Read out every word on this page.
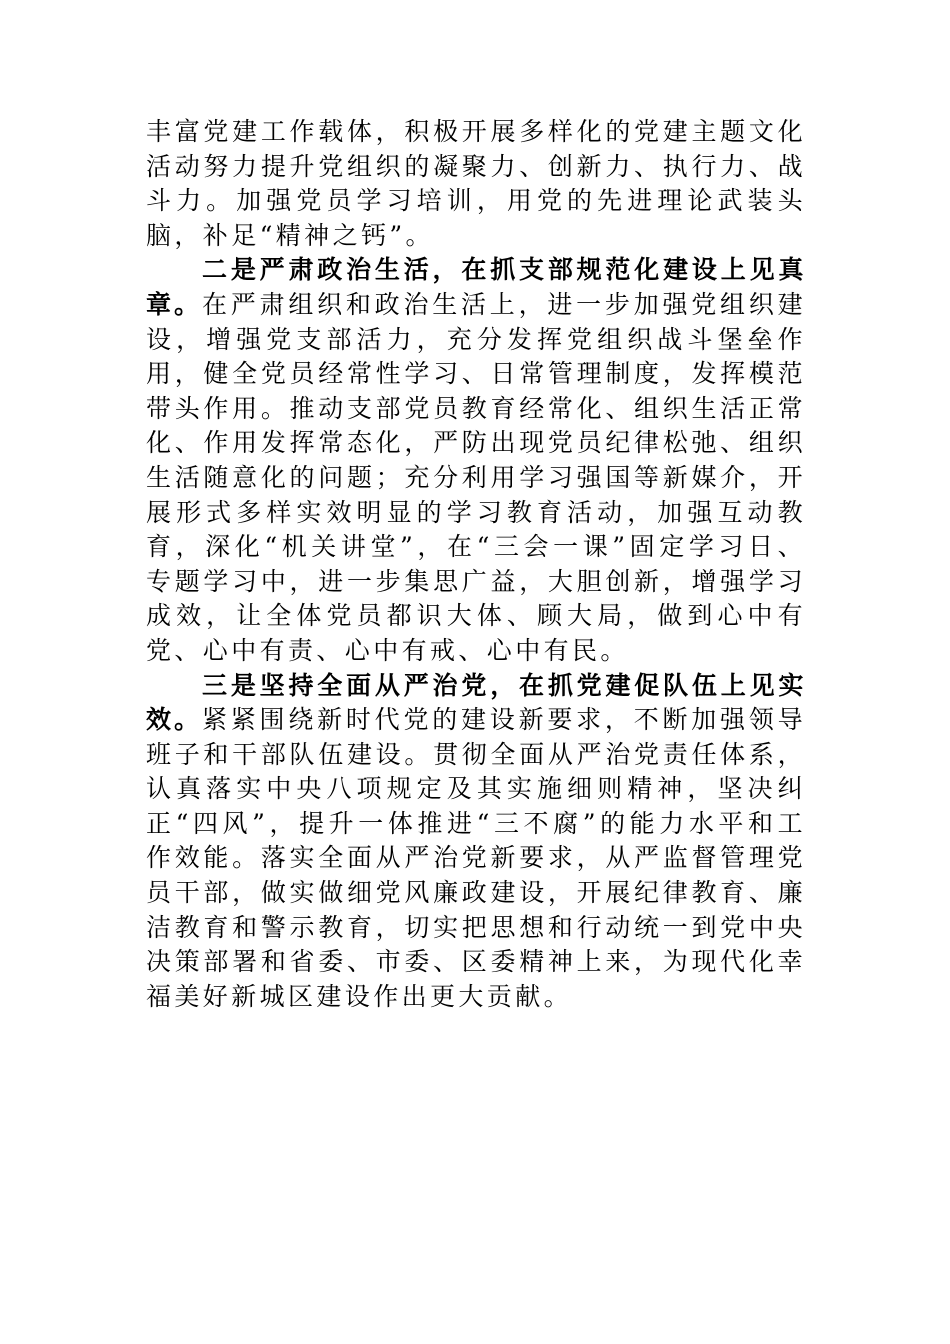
丰富党建工作载体，积极开展多样化的党建主题文化活动努力提升党组织的凝聚力、创新力、执行力、战斗力。加强党员学习培训，用党的先进理论武装头脑，补足“精神之钙”。

二是严肃政治生活，在抓支部规范化建设上见真章。在严肃组织和政治生活上，进一步加强党组织建设，增强党支部活力，充分发挥党组织战斗堡垒作用，健全党员经常性学习、日常管理制度，发挥模范带头作用。推动支部党员教育经常化、组织生活正常化、作用发挥常态化，严防出现党员纪律松弛、组织生活随意化的问题；充分利用学习强国等新媒介，开展形式多样实效明显的学习教育活动，加强互动教育，深化“机关讲堂”，在“三会一课”固定学习日、专题学习中，进一步集思广益，大胆创新，增强学习成效，让全体党员都识大体、顾大局，做到心中有党、心中有责、心中有戒、心中有民。

三是坚持全面从严治党，在抓党建促队伍上见实效。紧紧围绕新时代党的建设新要求，不断加强领导班子和干部队伍建设。贯彻全面从严治党责任体系，认真落实中央八项规定及其实施细则精神，坚决纠正“四风”，提升一体推进“三不腐”的能力水平和工作效能。落实全面从严治党新要求，从严监督管理党员干部，做实做细党风廉政建设，开展纪律教育、廉洁教育和警示教育，切实把思想和行动统一到党中央决策部署和省委、市委、区委精神上来，为现代化幸福美好新城区建设作出更大贡献。
